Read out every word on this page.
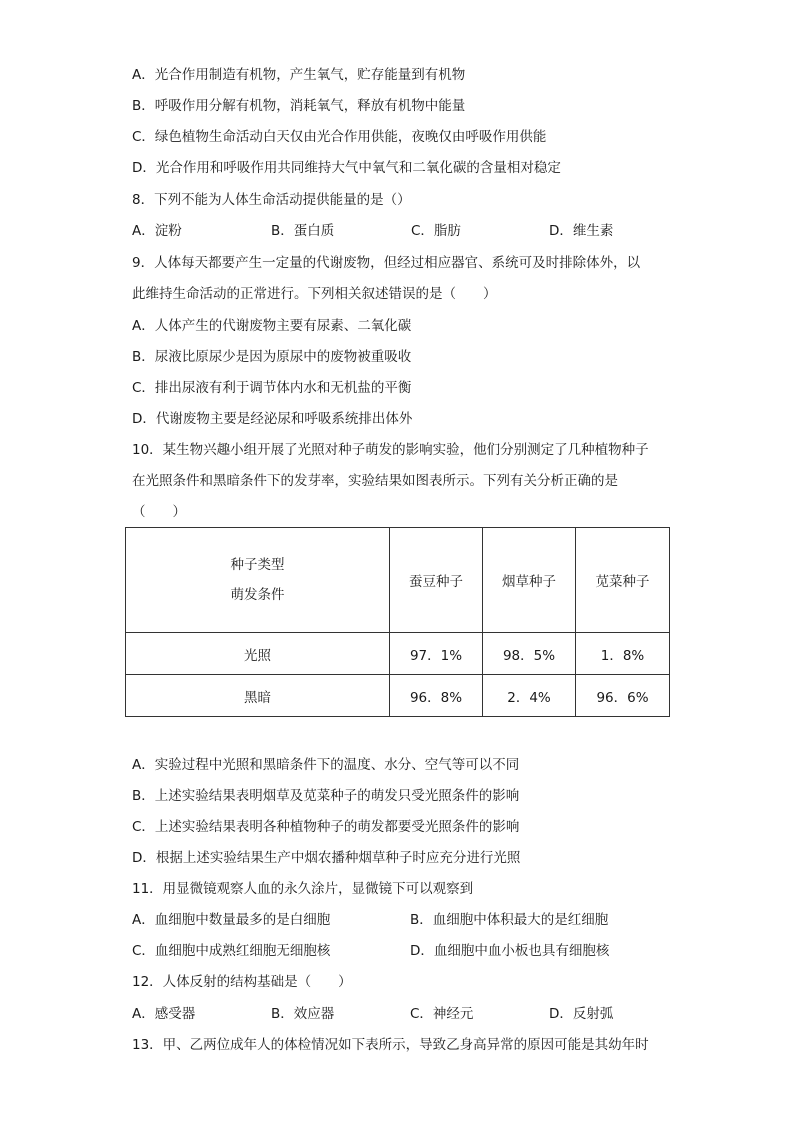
A．光合作用制造有机物，产生氧气，贮存能量到有机物
B．呼吸作用分解有机物，消耗氧气，释放有机物中能量
C．绿色植物生命活动白天仅由光合作用供能，夜晚仅由呼吸作用供能
D．光合作用和呼吸作用共同维持大气中氧气和二氧化碳的含量相对稳定
8．下列不能为人体生命活动提供能量的是（）
A．淀粉	B．蛋白质	C．脂肪	D．维生素
9．人体每天都要产生一定量的代谢废物，但经过相应器官、系统可及时排除体外，以
此维持生命活动的正常进行。下列相关叙述错误的是（　　）
A．人体产生的代谢废物主要有尿素、二氧化碳
B．尿液比原尿少是因为原尿中的废物被重吸收
C．排出尿液有利于调节体内水和无机盐的平衡
D．代谢废物主要是经泌尿和呼吸系统排出体外
10．某生物兴趣小组开展了光照对种子萌发的影响实验，他们分别测定了几种植物种子
在光照条件和黑暗条件下的发芽率，实验结果如图表所示。下列有关分析正确的是
（　　）
种子类型
萌发条件	蚕豆种子	烟草种子	苋菜种子
光照	97．1%	98．5%	1．8%
黑暗	96．8%	2．4%	96．6%
A．实验过程中光照和黑暗条件下的温度、水分、空气等可以不同
B．上述实验结果表明烟草及苋菜种子的萌发只受光照条件的影响
C．上述实验结果表明各种植物种子的萌发都要受光照条件的影响
D．根据上述实验结果生产中烟农播种烟草种子时应充分进行光照
11．用显微镜观察人血的永久涂片，显微镜下可以观察到
A．血细胞中数量最多的是白细胞	B．血细胞中体积最大的是红细胞
C．血细胞中成熟红细胞无细胞核	D．血细胞中血小板也具有细胞核
12．人体反射的结构基础是（　　）
A．感受器	B．效应器	C．神经元	D．反射弧
13．甲、乙两位成年人的体检情况如下表所示，导致乙身高异常的原因可能是其幼年时
